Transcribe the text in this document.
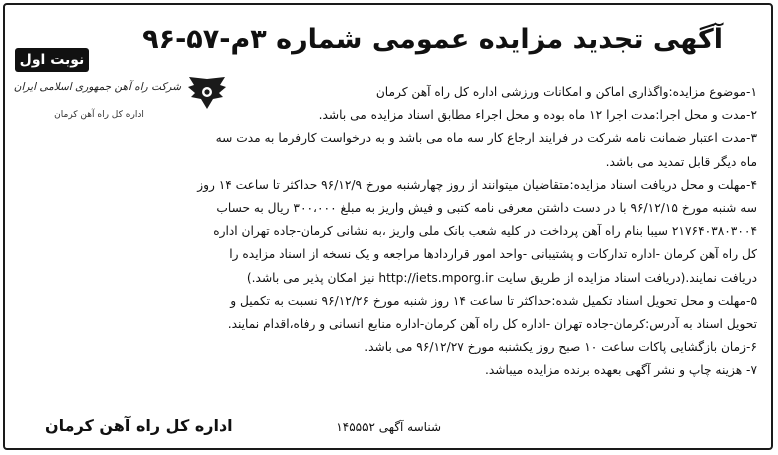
نوبت اول
آگهی تجدید مزایده عمومی شماره ۳م-۵۷-۹۶
شرکت راه آهن جمهوری اسلامی ایران
اداره کل راه آهن کرمان
۱-موضوع مزایده:واگذاری اماکن و امکانات ورزشی اداره کل راه آهن کرمان
۲-مدت و محل اجرا:مدت اجرا ۱۲ ماه بوده و محل اجراء مطابق اسناد مزایده می باشد.
۳-مدت اعتبار ضمانت نامه شرکت در فرایند ارجاع کار سه ماه می باشد و به درخواست کارفرما به مدت سه
ماه دیگر قابل تمدید می باشد.
۴-مهلت و محل دریافت اسناد مزایده:متقاضیان میتوانند از روز چهارشنبه مورخ ۹۶/۱۲/۹ حداکثر تا ساعت ۱۴ روز
سه شنبه مورخ ۹۶/۱۲/۱۵ با در دست داشتن معرفی نامه کتبی و فیش واریز به مبلغ ۳۰۰،۰۰۰ ریال به حساب
۲۱۷۶۴۰۳۸۰۳۰۰۴ سیبا بنام راه آهن پرداخت در کلیه شعب بانک ملی واریز ،به نشانی کرمان-جاده تهران اداره
کل راه آهن کرمان -اداره تدارکات و پشتیبانی -واحد امور قراردادها مراجعه و یک نسخه از اسناد مزایده را
دریافت نمایند.(دریافت اسناد مزایده از طریق سایت http://iets.mporg.ir نیز امکان پذیر می باشد.)
۵-مهلت و محل تحویل اسناد تکمیل شده:حداکثر تا ساعت ۱۴ روز شنبه مورخ ۹۶/۱۲/۲۶ نسبت به تکمیل و
تحویل اسناد به آدرس:کرمان-جاده تهران -اداره کل راه آهن کرمان-اداره منابع انسانی و رفاه،اقدام نمایند.
۶-زمان بازگشایی پاکات ساعت ۱۰ صبح روز یکشنبه مورخ ۹۶/۱۲/۲۷ می باشد.
۷- هزینه چاپ و نشر آگهی بعهده برنده مزایده میباشد.
شناسه آگهی ۱۴۵۵۵۲
اداره کل راه آهن کرمان
